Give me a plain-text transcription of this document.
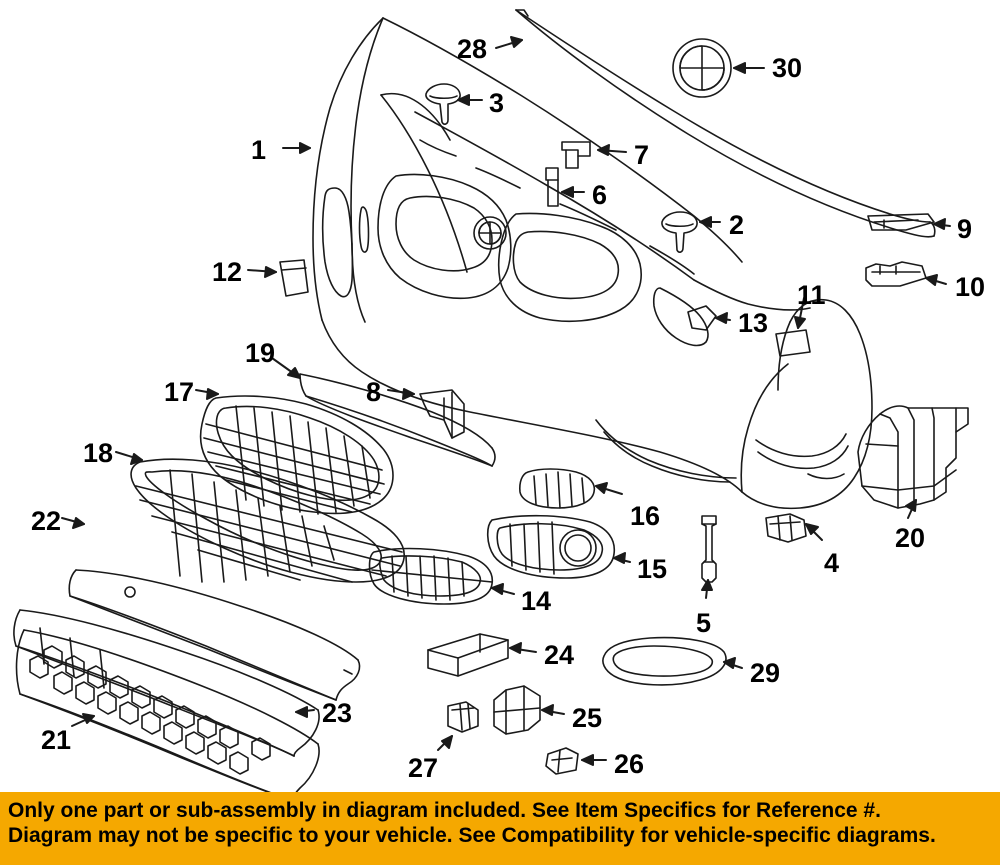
1
2
3
4
5
6
7
8
9
10
11
12
13
14
15
16
17
18
19
20
21
22
23
24
25
26
27
28
29
30
Only one part or sub-assembly in diagram included. See Item Specifics for Reference #.
Diagram may not be specific to your vehicle. See Compatibility for vehicle-specific diagrams.
